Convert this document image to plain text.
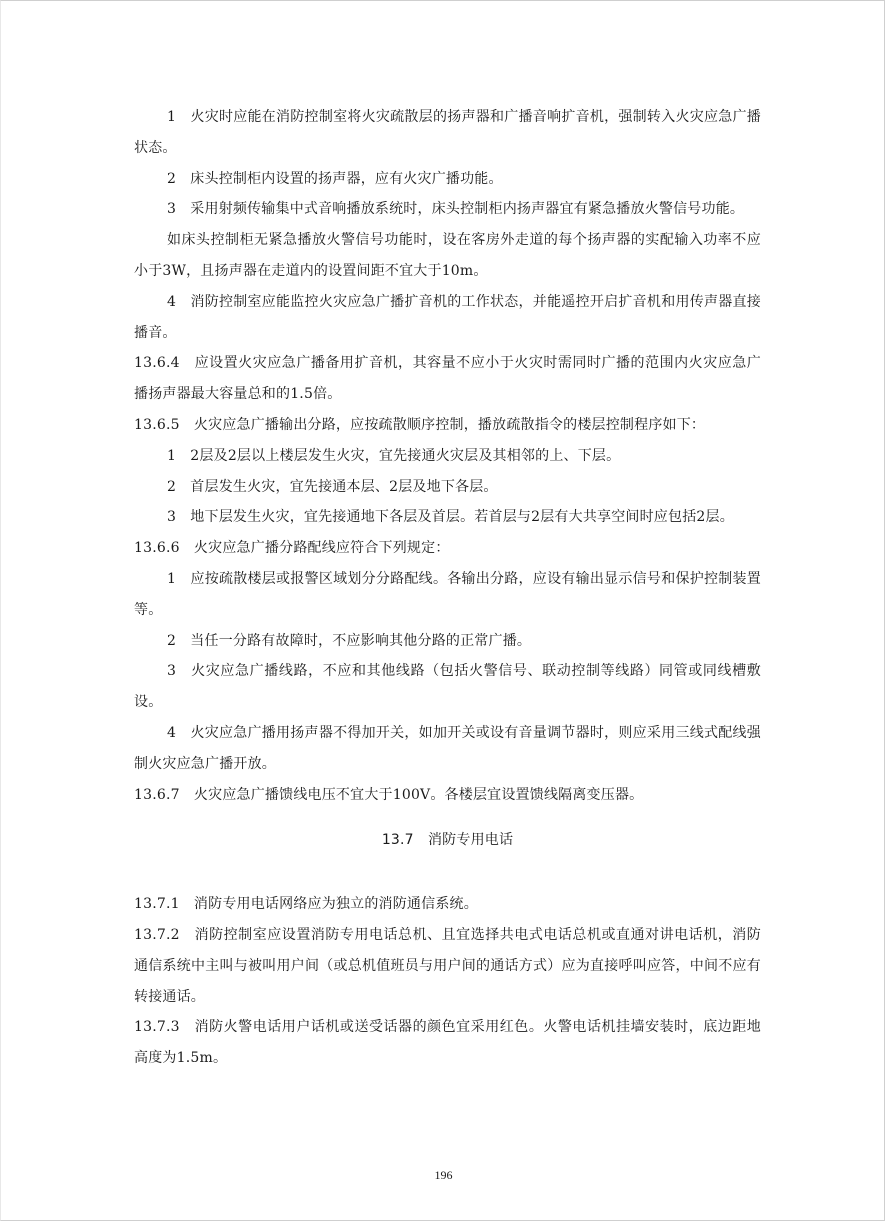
1　火灾时应能在消防控制室将火灾疏散层的扬声器和广播音响扩音机，强制转入火灾应急广播状态。

2　床头控制柜内设置的扬声器，应有火灾广播功能。

3　采用射频传输集中式音响播放系统时，床头控制柜内扬声器宜有紧急播放火警信号功能。

如床头控制柜无紧急播放火警信号功能时，设在客房外走道的每个扬声器的实配输入功率不应小于3W，且扬声器在走道内的设置间距不宜大于10m。

4　消防控制室应能监控火灾应急广播扩音机的工作状态，并能遥控开启扩音机和用传声器直接播音。

13.6.4　应设置火灾应急广播备用扩音机，其容量不应小于火灾时需同时广播的范围内火灾应急广播扬声器最大容量总和的1.5倍。

13.6.5　火灾应急广播输出分路，应按疏散顺序控制，播放疏散指令的楼层控制程序如下：

1　2层及2层以上楼层发生火灾，宜先接通火灾层及其相邻的上、下层。

2　首层发生火灾，宜先接通本层、2层及地下各层。

3　地下层发生火灾，宜先接通地下各层及首层。若首层与2层有大共享空间时应包括2层。

13.6.6　火灾应急广播分路配线应符合下列规定：

1　应按疏散楼层或报警区域划分分路配线。各输出分路，应设有输出显示信号和保护控制装置等。

2　当任一分路有故障时，不应影响其他分路的正常广播。

3　火灾应急广播线路，不应和其他线路（包括火警信号、联动控制等线路）同管或同线槽敷设。

4　火灾应急广播用扬声器不得加开关，如加开关或设有音量调节器时，则应采用三线式配线强制火灾应急广播开放。

13.6.7　火灾应急广播馈线电压不宜大于100V。各楼层宜设置馈线隔离变压器。

13.7　消防专用电话

13.7.1　消防专用电话网络应为独立的消防通信系统。

13.7.2　消防控制室应设置消防专用电话总机、且宜选择共电式电话总机或直通对讲电话机，消防通信系统中主叫与被叫用户间（或总机值班员与用户间的通话方式）应为直接呼叫应答，中间不应有转接通话。

13.7.3　消防火警电话用户话机或送受话器的颜色宜采用红色。火警电话机挂墙安装时，底边距地高度为1.5m。

196
